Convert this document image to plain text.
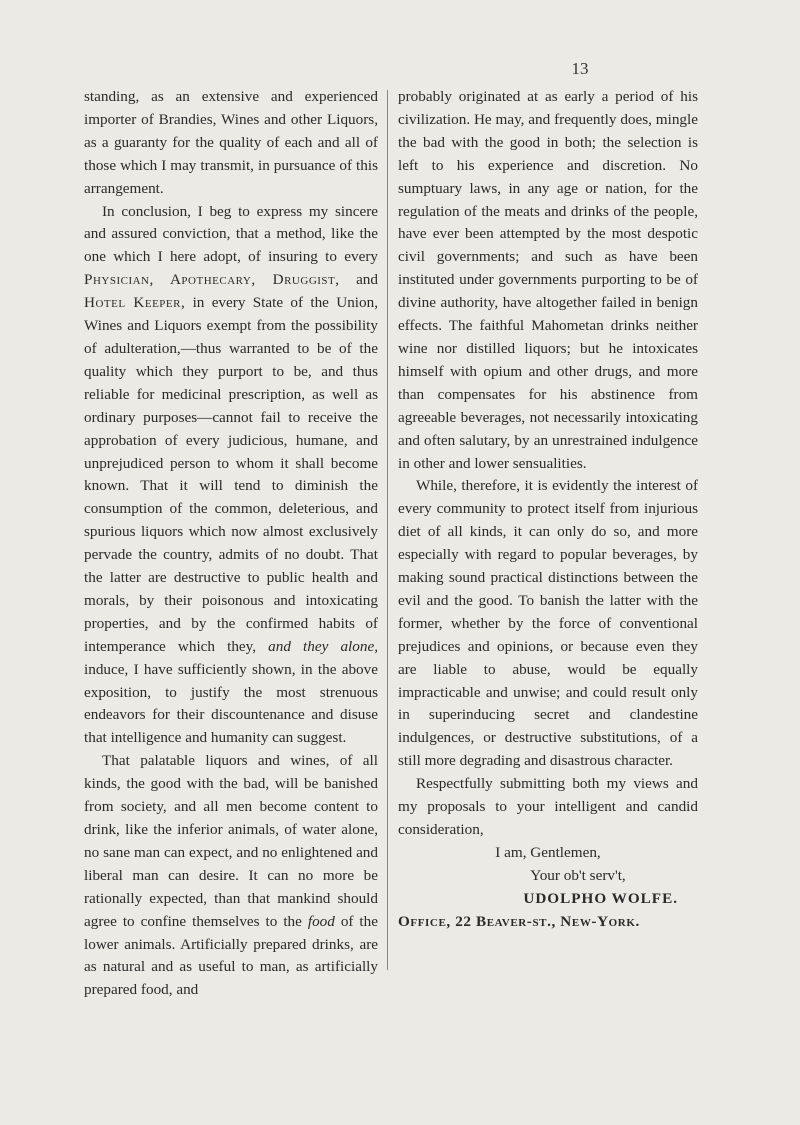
13

standing, as an extensive and experienced importer of Brandies, Wines and other Liquors, as a guaranty for the quality of each and all of those which I may transmit, in pursuance of this arrangement.

In conclusion, I beg to express my sincere and assured conviction, that a method, like the one which I here adopt, of insuring to every Physician, Apothecary, Druggist, and Hotel Keeper, in every State of the Union, Wines and Liquors exempt from the possibility of adulteration,—thus warranted to be of the quality which they purport to be, and thus reliable for medicinal prescription, as well as ordinary purposes—cannot fail to receive the approbation of every judicious, humane, and unprejudiced person to whom it shall become known. That it will tend to diminish the consumption of the common, deleterious, and spurious liquors which now almost exclusively pervade the country, admits of no doubt. That the latter are destructive to public health and morals, by their poisonous and intoxicating properties, and by the confirmed habits of intemperance which they, and they alone, induce, I have sufficiently shown, in the above exposition, to justify the most strenuous endeavors for their discountenance and disuse that intelligence and humanity can suggest.

That palatable liquors and wines, of all kinds, the good with the bad, will be banished from society, and all men become content to drink, like the inferior animals, of water alone, no sane man can expect, and no enlightened and liberal man can desire. It can no more be rationally expected, than that mankind should agree to confine themselves to the food of the lower animals. Artificially prepared drinks, are as natural and as useful to man, as artificially prepared food, and

probably originated at as early a period of his civilization. He may, and frequently does, mingle the bad with the good in both; the selection is left to his experience and discretion. No sumptuary laws, in any age or nation, for the regulation of the meats and drinks of the people, have ever been attempted by the most despotic civil governments; and such as have been instituted under governments purporting to be of divine authority, have altogether failed in benign effects. The faithful Mahometan drinks neither wine nor distilled liquors; but he intoxicates himself with opium and other drugs, and more than compensates for his abstinence from agreeable beverages, not necessarily intoxicating and often salutary, by an unrestrained indulgence in other and lower sensualities.

While, therefore, it is evidently the interest of every community to protect itself from injurious diet of all kinds, it can only do so, and more especially with regard to popular beverages, by making sound practical distinctions between the evil and the good. To banish the latter with the former, whether by the force of conventional prejudices and opinions, or because even they are liable to abuse, would be equally impracticable and unwise; and could result only in superinducing secret and clandestine indulgences, or destructive substitutions, of a still more degrading and disastrous character.

Respectfully submitting both my views and my proposals to your intelligent and candid consideration,

I am, Gentlemen,

Your ob't serv't,

UDOLPHO WOLFE.

Office, 22 Beaver-st., New-York.
